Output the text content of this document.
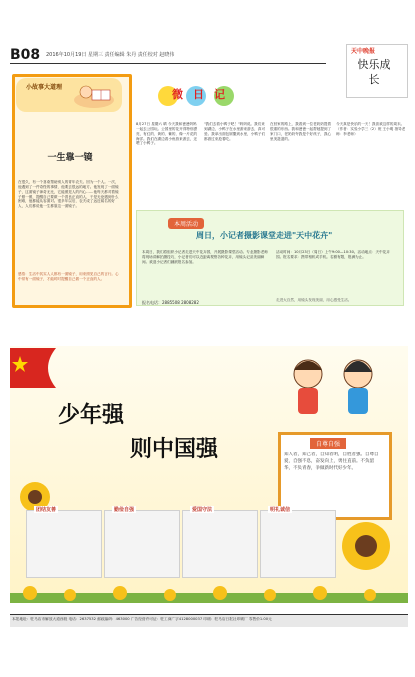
B08 2016年10月19日 星期三 责任编辑 朱丹 责任校对 赵晓伟	天中晚报
快乐成长
小故事大道理
一生靠一镜
在很久，有一个喜欢帮助别人的青年农夫。因为一个人。一次，他遇到了一件奇怪的事情，他要去很远的地方。他发现了一面镜子，这面镜子神奇无比，它能照见人的内心……他每天都对着镜子照一照，提醒自己要做一个善良正直的人，于是无论遇到什么困难，他都能从容面对。很多年以后，农夫成了远近闻名的好人，人们都说他一生都靠这一面镜子。
感悟：生活中其实人人都有一面镜子，用来照见自己的言行。心中常有一面镜子，才能时时提醒自己做一个正直的人。
微日记
8月27日 星期六 晴 今天我和爸爸妈妈一起去公园玩。公园里的花开得特别漂亮，有红的、黄的、紫的，像一片花的海洋。我们在湖边看小鱼游来游去，还喂了小鸭子。
"我们去看小鸭子吧！"妈妈说。我们来到湖边，小鸭子在水里游来游去，真可爱。我拿出面包屑撒到水里，小鸭子们都游过来抢着吃。
在回家的路上，我看到一位老奶奶提着很重的东西。我和爸爸一起帮她提到了家门口，老奶奶夸我是个好孩子，我心里美滋滋的。
今天真是快乐的一天！我喜欢这样的周末。（作者：实验小学三（2）班 王小明 指导老师：李老师）
本周活动
周日，小记者摄影课堂走进"天中花卉"
本周日，我们将组织小记者走进天中花卉园，开展摄影课堂活动。专业摄影老师将现场讲解拍摄技巧，小记者们可以近距离观察各种花卉，用镜头记录美丽瞬间。欢迎小记者们踊跃报名参加。
活动时间：10月23日（周日）上午9:00—10:30。活动地点：天中花卉园。报名要求：携带相机或手机。名额有限，报满为止。
报名电话：2885508 2808282	走进大自然，用镜头发现美丽，用心感受生活。
少年强
则中国强	自尊自强
知人者，知己者，自知者明，自胜者强。自尊自爱，自强不息，奋发向上，勇往直前。不负韶华，不负青春，争做新时代好少年。
团结友善	勤俭自强	爱国守法	明礼诚信
本报地址：驻马店市解放大道西段 电话：2637532 邮政编码：463000 广告经营许可证：驻工商广字4128000037 印刷：驻马店日报社印刷厂 零售价1.00元
